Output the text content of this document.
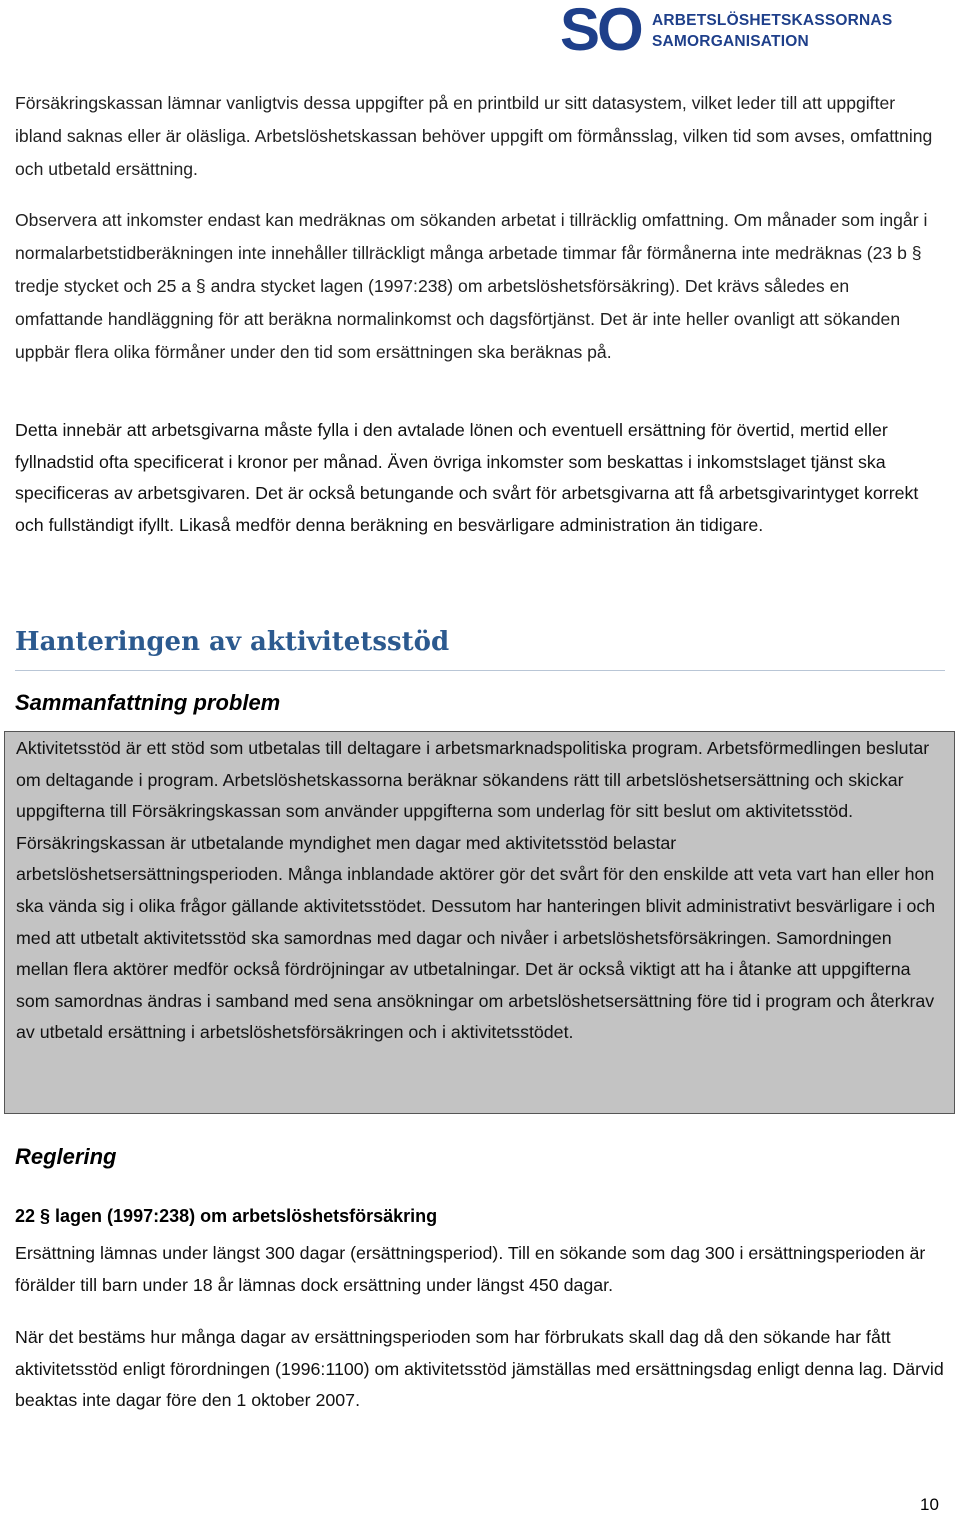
SO ARBETSLÖSHETSKASSORNAS
SAMORGANISATION

Försäkringskassan lämnar vanligtvis dessa uppgifter på en printbild ur sitt datasystem, vilket leder till att uppgifter ibland saknas eller är oläsliga. Arbetslöshetskassan behöver uppgift om förmånsslag, vilken tid som avses, omfattning och utbetald ersättning.

Observera att inkomster endast kan medräknas om sökanden arbetat i tillräcklig omfattning. Om månader som ingår i normalarbetstidberäkningen inte innehåller tillräckligt många arbetade timmar får förmånerna inte medräknas (23 b § tredje stycket och 25 a § andra stycket lagen (1997:238) om arbetslöshetsförsäkring). Det krävs således en omfattande handläggning för att beräkna normalinkomst och dagsförtjänst. Det är inte heller ovanligt att sökanden uppbär flera olika förmåner under den tid som ersättningen ska beräknas på.

Detta innebär att arbetsgivarna måste fylla i den avtalade lönen och eventuell ersättning för övertid, mertid eller fyllnadstid ofta specificerat i kronor per månad. Även övriga inkomster som beskattas i inkomstslaget tjänst ska specificeras av arbetsgivaren. Det är också betungande och svårt för arbetsgivarna att få arbetsgivarintyget korrekt och fullständigt ifyllt. Likaså medför denna beräkning en besvärligare administration än tidigare.

Hanteringen av aktivitetsstöd
Sammanfattning problem

Aktivitetsstöd är ett stöd som utbetalas till deltagare i arbetsmarknadspolitiska program. Arbetsförmedlingen beslutar om deltagande i program. Arbetslöshetskassorna beräknar sökandens rätt till arbetslöshetsersättning och skickar uppgifterna till Försäkringskassan som använder uppgifterna som underlag för sitt beslut om aktivitetsstöd. Försäkringskassan är utbetalande myndighet men dagar med aktivitetsstöd belastar arbetslöshetsersättningsperioden. Många inblandade aktörer gör det svårt för den enskilde att veta vart han eller hon ska vända sig i olika frågor gällande aktivitetsstödet. Dessutom har hanteringen blivit administrativt besvärligare i och med att utbetalt aktivitetsstöd ska samordnas med dagar och nivåer i arbetslöshetsförsäkringen. Samordningen mellan flera aktörer medför också fördröjningar av utbetalningar. Det är också viktigt att ha i åtanke att uppgifterna som samordnas ändras i samband med sena ansökningar om arbetslöshetsersättning före tid i program och återkrav av utbetald ersättning i arbetslöshetsförsäkringen och i aktivitetsstödet.

Reglering
22 § lagen (1997:238) om arbetslöshetsförsäkring

Ersättning lämnas under längst 300 dagar (ersättningsperiod). Till en sökande som dag 300 i ersättningsperioden är förälder till barn under 18 år lämnas dock ersättning under längst 450 dagar.

När det bestäms hur många dagar av ersättningsperioden som har förbrukats skall dag då den sökande har fått aktivitetsstöd enligt förordningen (1996:1100) om aktivitetsstöd jämställas med ersättningsdag enligt denna lag. Därvid beaktas inte dagar före den 1 oktober 2007.

10
